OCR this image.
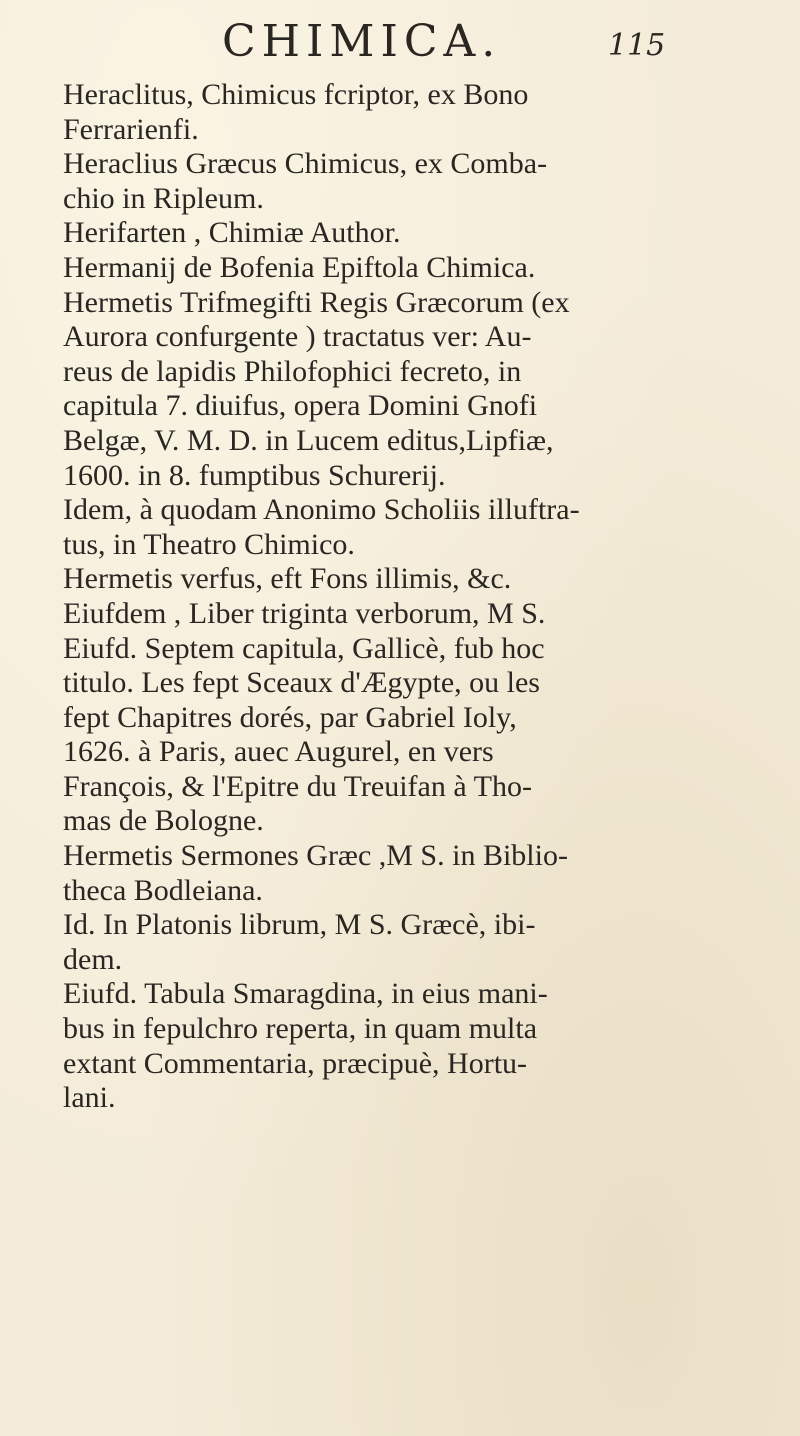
CHIMICA.	115

Heraclitus, Chimicus fcriptor, ex Bono
Ferrarienfi.

Heraclius Græcus Chimicus, ex Comba-
chio in Ripleum.

Herifarten , Chimiæ Author.

Hermanij de Bofenia Epiftola Chimica.

Hermetis Trifmegifti Regis Græcorum (ex
Aurora confurgente ) tractatus ver: Au-
reus de lapidis Philofophici fecreto, in
capitula 7. diuifus, opera Domini Gnofi
Belgæ, V. M. D. in Lucem editus,Lipfiæ,
1600. in 8. fumptibus Schurerij.

Idem, à quodam Anonimo Scholiis illuftra-
tus, in Theatro Chimico.

Hermetis verfus, eft Fons illimis, &c.

Eiufdem , Liber triginta verborum, M S.

Eiufd. Septem capitula, Gallicè, fub hoc
titulo. Les fept Sceaux d'Ægypte, ou les
fept Chapitres dorés, par Gabriel Ioly,
1626. à Paris, auec Augurel, en vers
François, & l'Epitre du Treuifan à Tho-
mas de Bologne.

Hermetis Sermones Græc ,M S. in Biblio-
theca Bodleiana.

Id. In Platonis librum, M S. Græcè, ibi-
dem.

Eiufd. Tabula Smaragdina, in eius mani-
bus in fepulchro reperta, in quam multa
extant Commentaria, præcipuè, Hortu-
lani.
